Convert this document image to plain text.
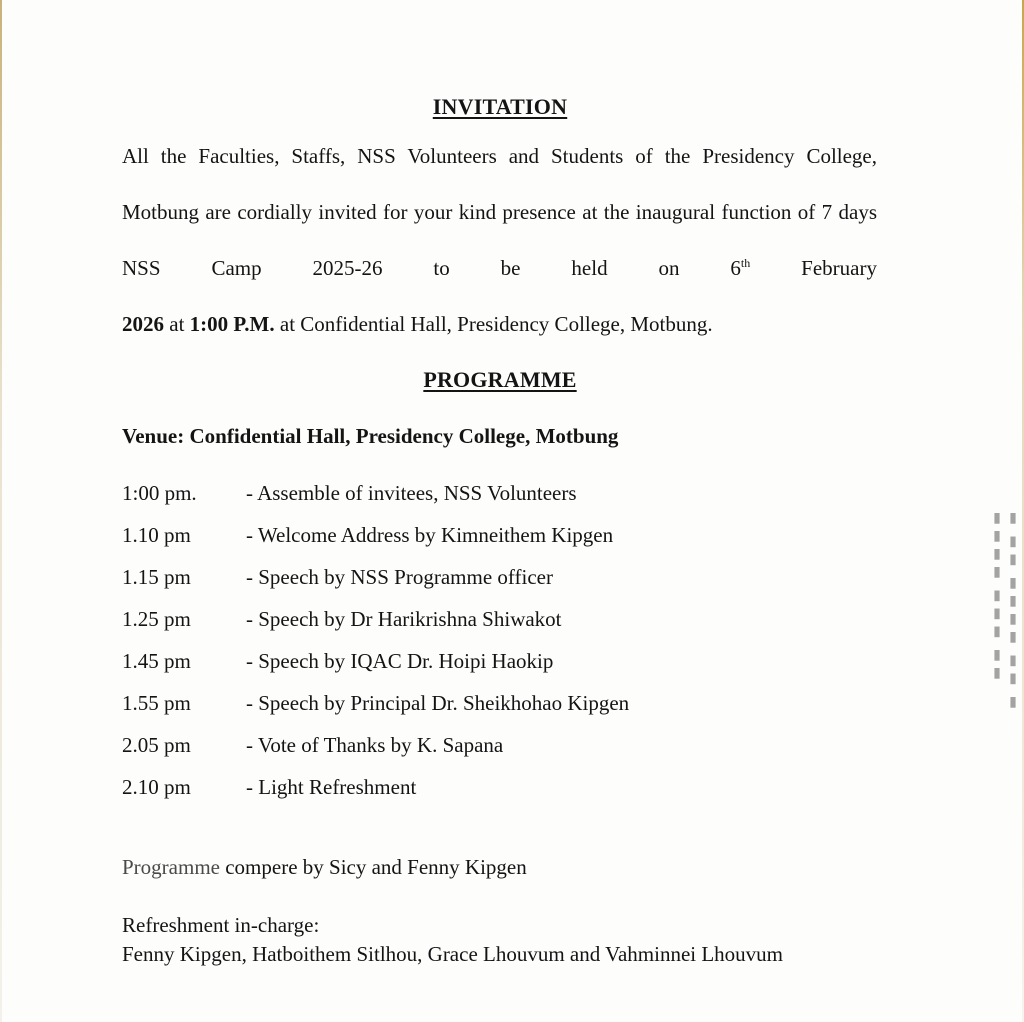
▮ ▮▮ ▮▮▮▮ ▮▮ ▮ ▮▮▮▮ ▮▮▮ ▮▮
INVITATION
All the Faculties, Staffs, NSS Volunteers and Students of the Presidency College, Motbung are cordially invited for your kind presence at the inaugural function of 7 days NSS Camp 2025-26 to be held on 6th February
2026 at 1:00 P.M. at Confidential Hall, Presidency College, Motbung.
PROGRAMME
Venue: Confidential Hall, Presidency College, Motbung
1:00 pm.	- Assemble of invitees, NSS Volunteers
1.10 pm	- Welcome Address by Kimneithem Kipgen
1.15 pm	- Speech by NSS Programme officer
1.25 pm	- Speech by Dr Harikrishna Shiwakot
1.45 pm	- Speech by IQAC Dr. Hoipi Haokip
1.55 pm	- Speech by Principal Dr. Sheikhohao Kipgen
2.05 pm	- Vote of Thanks by K. Sapana
2.10 pm	- Light Refreshment
Programme compere by Sicy and Fenny Kipgen
Refreshment in-charge:
Fenny Kipgen, Hatboithem Sitlhou, Grace Lhouvum and Vahminnei Lhouvum
